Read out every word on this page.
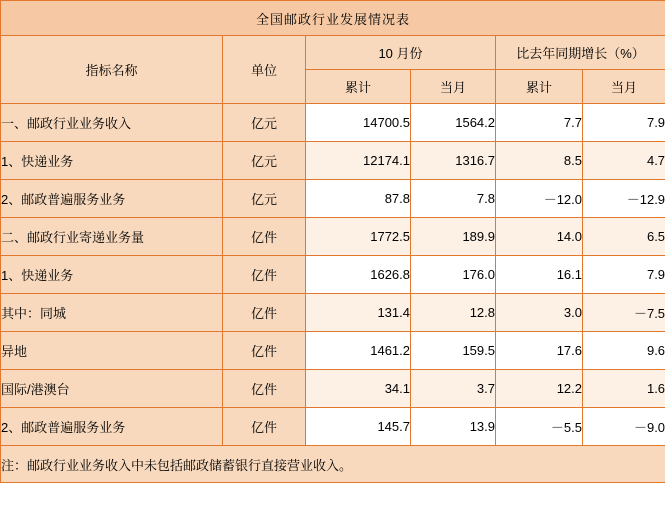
全国邮政行业发展情况表					
指标名称	单位	10 月份		比去年同期增长（%）	
		累计	当月	累计	当月
一、邮政行业业务收入	亿元	14700.5	1564.2	7.7	7.9
1、快递业务	亿元	12174.1	1316.7	8.5	4.7
2、邮政普遍服务业务	亿元	87.8	7.8	－12.0	－12.9
二、邮政行业寄递业务量	亿件	1772.5	189.9	14.0	6.5
1、快递业务	亿件	1626.8	176.0	16.1	7.9
其中：同城	亿件	131.4	12.8	3.0	－7.5
异地	亿件	1461.2	159.5	17.6	9.6
国际/港澳台	亿件	34.1	3.7	12.2	1.6
2、邮政普遍服务业务	亿件	145.7	13.9	－5.5	－9.0
注：邮政行业业务收入中未包括邮政储蓄银行直接营业收入。					
